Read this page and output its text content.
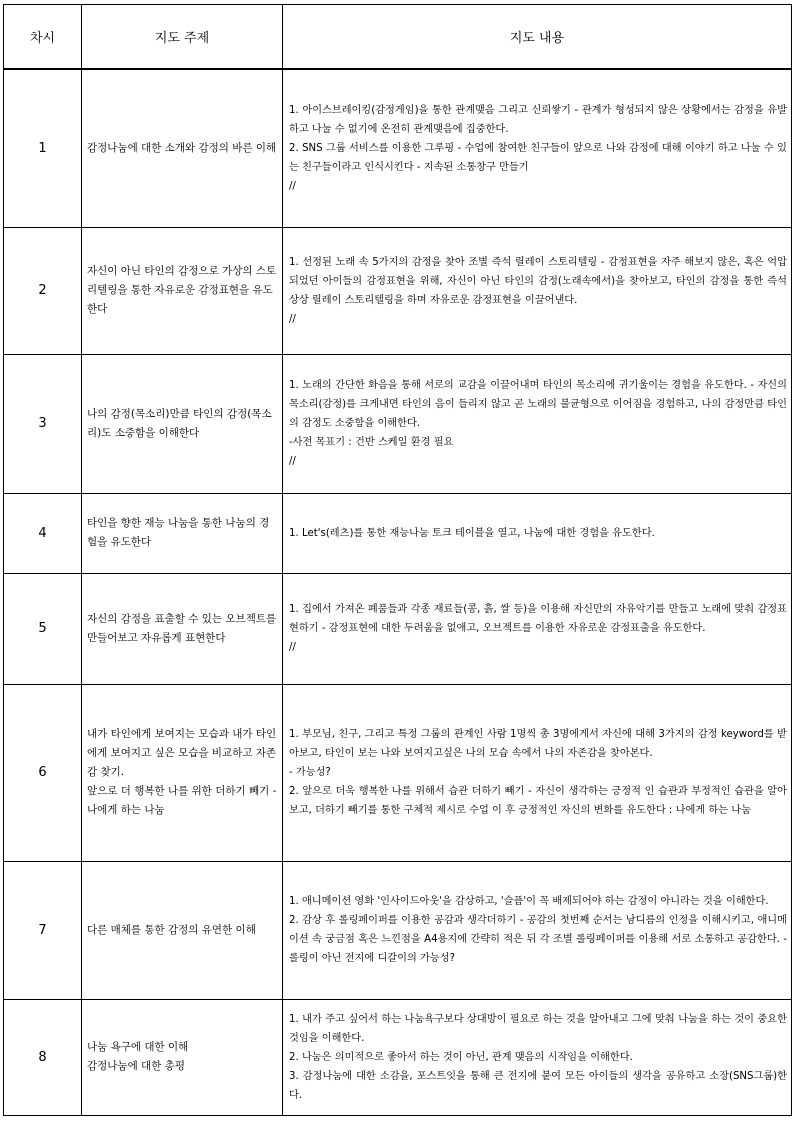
차시	지도 주제	지도 내용
1	감정나눔에 대한 소개와 감정의 바른 이해	1. 아이스브레이킹(감정게임)을 통한 관계맺음 그리고 신뢰쌓기 - 관계가 형성되지 않은 상황에서는 감정을 유발하고 나눌 수 없기에 온전히 관계맺음에 집중한다.
2. SNS 그룹 서비스를 이용한 그루핑 - 수업에 참여한 친구들이 앞으로 나와 감정에 대해 이야기 하고 나눌 수 있는 친구들이라고 인식시킨다 - 지속된 소통창구 만들기
//

2	자신이 아닌 타인의 감정으로 가상의 스토리텔링을 통한 자유로운 감정표현을 유도한다	1. 선정된 노래 속 5가지의 감정을 찾아 조별 즉석 릴레이 스토리텔링 - 감정표현을 자주 해보지 않은, 혹은 억압되었던 아이들의 감정표현을 위해, 자신이 아닌 타인의 감정(노래속에서)을 찾아보고, 타인의 감정을 통한 즉석 상상 릴레이 스토리텔링을 하며 자유로운 감정표현을 이끌어낸다.
//

3	나의 감정(목소리)만큼 타인의 감정(목소리)도 소중함을 이해한다	1. 노래의 간단한 화음을 통해 서로의 교감을 이끌어내며 타인의 목소리에 귀기울이는 경험을 유도한다. - 자신의 목소리(감정)를 크게내면 타인의 음이 들리지 않고 곧 노래의 불균형으로 이어짐을 경험하고, 나의 감정만큼 타인의 감정도 소중함을 이해한다.
-사전 목표기 : 건반 스케일 환경 필요
//

4	타인을 향한 재능 나눔을 통한 나눔의 경험을 유도한다	1. Let's(레츠)를 통한 재능나눔 토크 테이블을 열고, 나눔에 대한 경험을 유도한다.

5	자신의 감정을 표출할 수 있는 오브젝트를 만들어보고 자유롭게 표현한다	1. 집에서 가져온 폐품들과 각종 재료들(콩, 흙, 쌀 등)을 이용해 자신만의 자유악기를 만들고 노래에 맞춰 감정표현하기 - 감정표현에 대한 두려움을 없애고, 오브젝트를 이용한 자유로운 감정표출을 유도한다.
//

6	내가 타인에게 보여지는 모습과 내가 타인에게 보여지고 싶은 모습을 비교하고 자존감 찾기.
앞으로 더 행복한 나를 위한 더하기 빼기 - 나에게 하는 나눔	1. 부모님, 친구, 그리고 특정 그룹의 관계인 사람 1명씩 총 3명에게서 자신에 대해 3가지의 감정 keyword를 받아보고, 타인이 보는 나와 보여지고싶은 나의 모습 속에서 나의 자존감을 찾아본다.
- 가능성?
2. 앞으로 더욱 행복한 나를 위해서 습관 더하기 빼기 - 자신이 생각하는 긍정적 인 습관과 부정적인 습관을 알아보고, 더하기 빼기를 통한 구체적 제시로 수업 이 후 긍정적인 자신의 변화를 유도한다 : 나에게 하는 나눔

7	다른 매체를 통한 감정의 유연한 이해	1. 애니메이션 영화 '인사이드아웃'을 감상하고, '슬픔'이 꼭 배제되어야 하는 감정이 아니라는 것을 이해한다.
2. 감상 후 롤링페이퍼를 이용한 공감과 생각더하기 - 공감의 첫번째 순서는 남디름의 인정을 이해시키고, 애니메이션 속 궁금점 혹은 느낀점을 A4용지에 간략히 적은 뒤 각 조별 롤링페이퍼를 이용해 서로 소통하고 공감한다. -롤링이 아닌 전지에 디갈이의 가능성?

8	나눔 욕구에 대한 이해
감정나눔에 대한 총평	1. 내가 주고 싶어서 하는 나눔욕구보다 상대방이 필요로 하는 것을 알아내고 그에 맞춰 나눔을 하는 것이 중요한 것임을 이해한다.
2. 나눔은 의미적으로 좋아서 하는 것이 아닌, 관계 맺음의 시작임을 이해한다.
3. 감정나눔에 대한 소감을, 포스트잇을 통해 큰 전지에 붙여 모든 아이들의 생각을 공유하고 소장(SNS그룹)한다.
